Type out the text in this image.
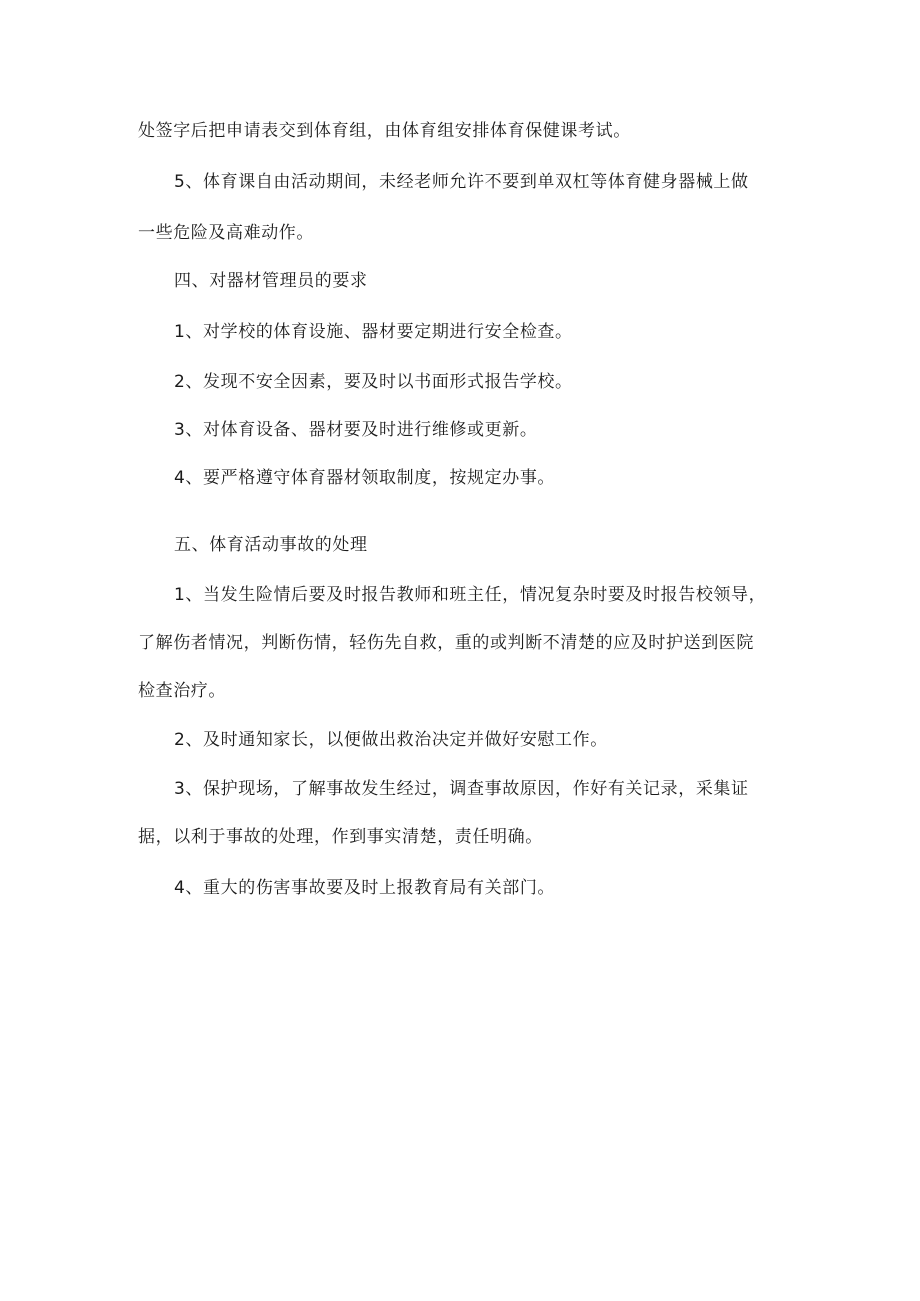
处签字后把申请表交到体育组，由体育组安排体育保健课考试。
5、体育课自由活动期间，未经老师允许不要到单双杠等体育健身器械上做
一些危险及高难动作。
四、对器材管理员的要求
1、对学校的体育设施、器材要定期进行安全检查。
2、发现不安全因素，要及时以书面形式报告学校。
3、对体育设备、器材要及时进行维修或更新。
4、要严格遵守体育器材领取制度，按规定办事。
五、体育活动事故的处理
1、当发生险情后要及时报告教师和班主任，情况复杂时要及时报告校领导，
了解伤者情况，判断伤情，轻伤先自救，重的或判断不清楚的应及时护送到医院
检查治疗。
2、及时通知家长，以便做出救治决定并做好安慰工作。
3、保护现场，了解事故发生经过，调查事故原因，作好有关记录，采集证
据，以利于事故的处理，作到事实清楚，责任明确。
4、重大的伤害事故要及时上报教育局有关部门。
